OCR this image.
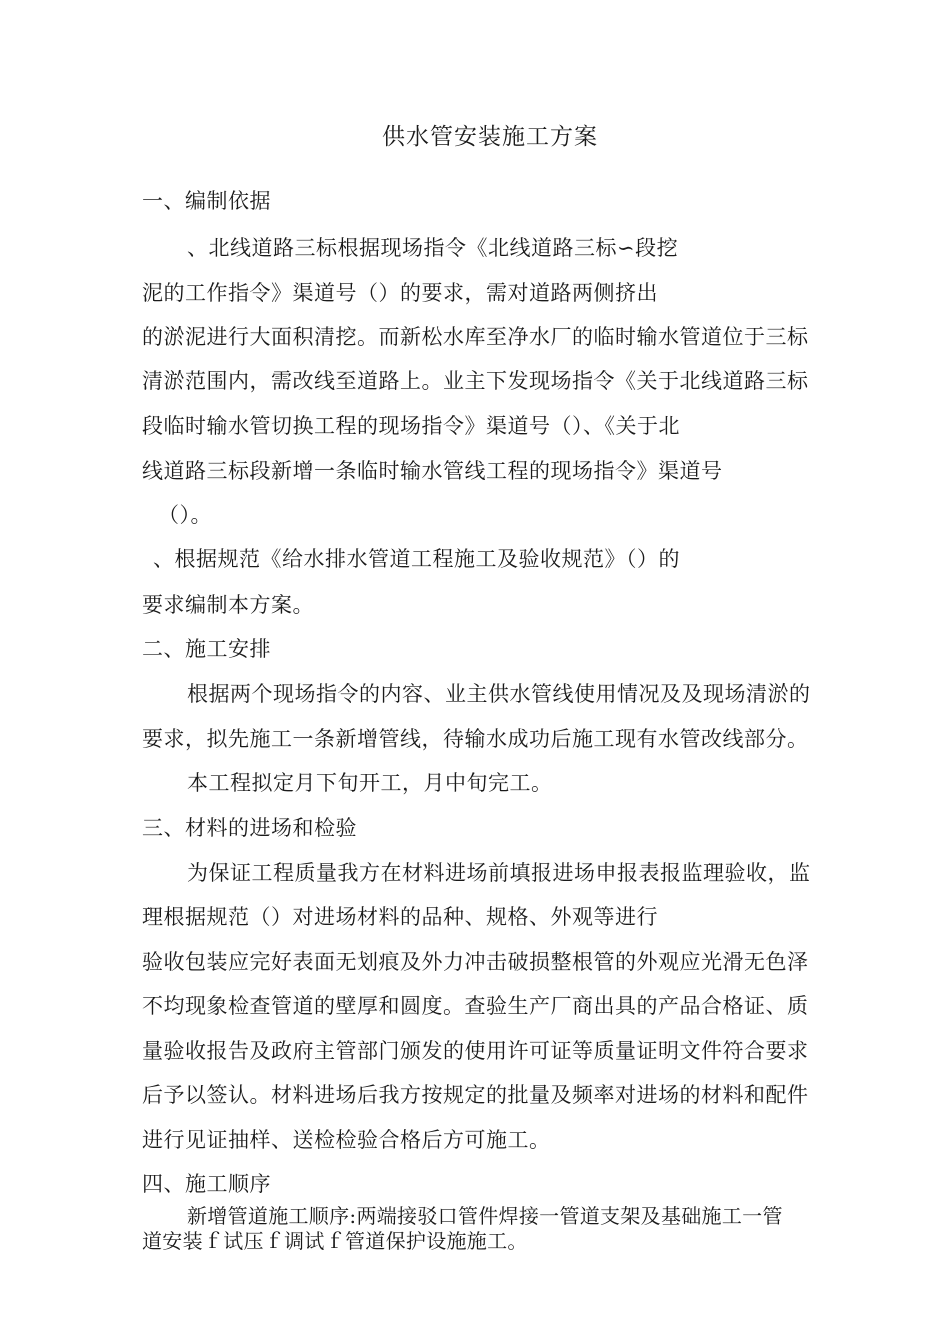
供水管安装施工方案
一、编制依据
、北线道路三标根据现场指令《北线道路三标∽段挖
泥的工作指令》渠道号（）的要求，需对道路两侧挤出
的淤泥进行大面积清挖。而新松水库至净水厂的临时输水管道位于三标
清淤范围内，需改线至道路上。业主下发现场指令《关于北线道路三标
段临时输水管切换工程的现场指令》渠道号（）、《关于北
线道路三标段新增一条临时输水管线工程的现场指令》渠道号
（）。
、根据规范《给水排水管道工程施工及验收规范》（）的
要求编制本方案。
二、施工安排
根据两个现场指令的内容、业主供水管线使用情况及及现场清淤的
要求，拟先施工一条新增管线，待输水成功后施工现有水管改线部分。
本工程拟定月下旬开工，月中旬完工。
三、材料的进场和检验
为保证工程质量我方在材料进场前填报进场申报表报监理验收，监
理根据规范（）对进场材料的品种、规格、外观等进行
验收包装应完好表面无划痕及外力冲击破损整根管的外观应光滑无色泽
不均现象检查管道的壁厚和圆度。查验生产厂商出具的产品合格证、质
量验收报告及政府主管部门颁发的使用许可证等质量证明文件符合要求
后予以签认。材料进场后我方按规定的批量及频率对进场的材料和配件
进行见证抽样、送检检验合格后方可施工。
四、施工顺序
新增管道施工顺序:两端接驳口管件焊接一管道支架及基础施工一管
道安装ｆ试压ｆ调试ｆ管道保护设施施工。
